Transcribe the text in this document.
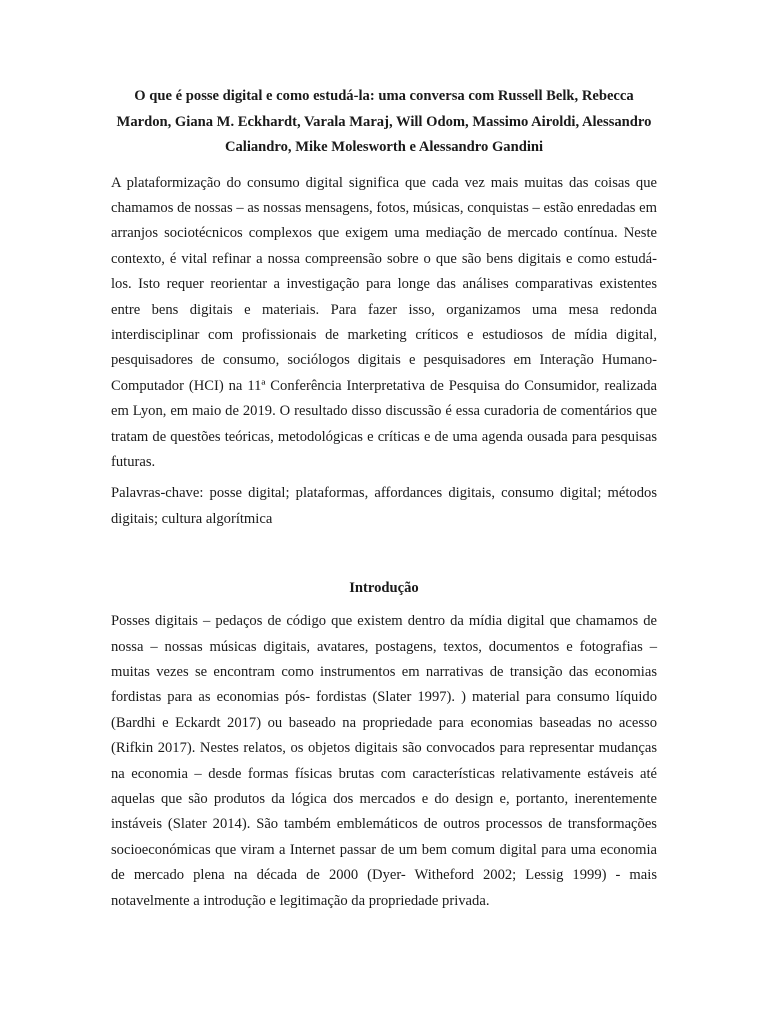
O que é posse digital e como estudá-la: uma conversa com Russell Belk, Rebecca Mardon, Giana M. Eckhardt, Varala Maraj, Will Odom, Massimo Airoldi, Alessandro Caliandro, Mike Molesworth e Alessandro Gandini

A plataformização do consumo digital significa que cada vez mais muitas das coisas que chamamos de nossas – as nossas mensagens, fotos, músicas, conquistas – estão enredadas em arranjos sociotécnicos complexos que exigem uma mediação de mercado contínua. Neste contexto, é vital refinar a nossa compreensão sobre o que são bens digitais e como estudá-los. Isto requer reorientar a investigação para longe das análises comparativas existentes entre bens digitais e materiais. Para fazer isso, organizamos uma mesa redonda interdisciplinar com profissionais de marketing críticos e estudiosos de mídia digital, pesquisadores de consumo, sociólogos digitais e pesquisadores em Interação Humano-Computador (HCI) na 11ª Conferência Interpretativa de Pesquisa do Consumidor, realizada em Lyon, em maio de 2019. O resultado disso discussão é essa curadoria de comentários que tratam de questões teóricas, metodológicas e críticas e de uma agenda ousada para pesquisas futuras.

Palavras-chave: posse digital; plataformas, affordances digitais, consumo digital; métodos digitais; cultura algorítmica

Introdução

Posses digitais – pedaços de código que existem dentro da mídia digital que chamamos de nossa – nossas músicas digitais, avatares, postagens, textos, documentos e fotografias – muitas vezes se encontram como instrumentos em narrativas de transição das economias fordistas para as economias pós- fordistas (Slater 1997). ) material para consumo líquido (Bardhi e Eckardt 2017) ou baseado na propriedade para economias baseadas no acesso (Rifkin 2017). Nestes relatos, os objetos digitais são convocados para representar mudanças na economia – desde formas físicas brutas com características relativamente estáveis até aquelas que são produtos da lógica dos mercados e do design e, portanto, inerentemente instáveis (Slater 2014). São também emblemáticos de outros processos de transformações socioeconómicas que viram a Internet passar de um bem comum digital para uma economia de mercado plena na década de 2000 (Dyer- Witheford 2002; Lessig 1999) - mais notavelmente a introdução e legitimação da propriedade privada.
